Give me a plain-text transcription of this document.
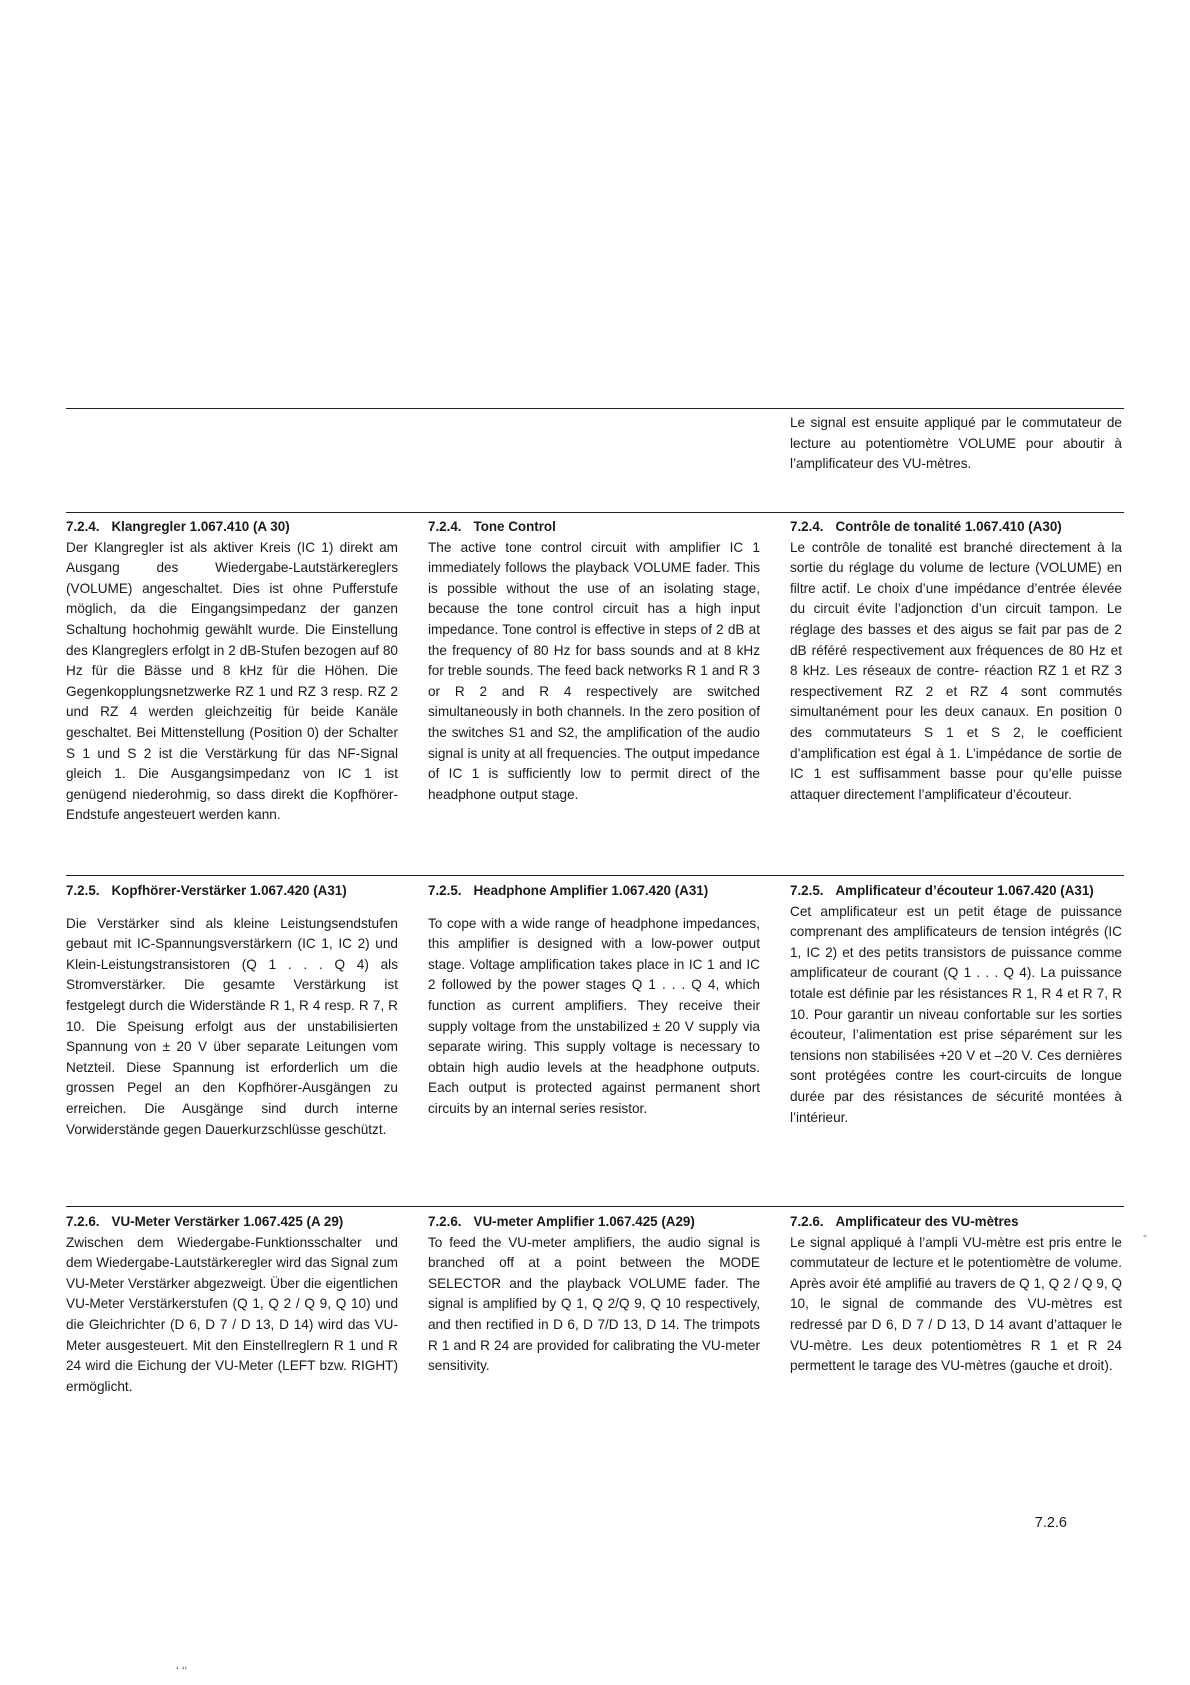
Le signal est ensuite appliqué par le commutateur de lecture au potentiomètre VOLUME pour aboutir à l’amplificateur des VU-mètres.
7.2.4. Klangregler 1.067.410 (A 30)
Der Klangregler ist als aktiver Kreis (IC 1) direkt am Ausgang des Wiedergabe-Lautstärkereglers (VOLUME) angeschaltet. Dies ist ohne Pufferstufe möglich, da die Eingangsimpedanz der ganzen Schaltung hochohmig gewählt wurde. Die Einstellung des Klangreglers erfolgt in 2 dB-Stufen bezogen auf 80 Hz für die Bässe und 8 kHz für die Höhen. Die Gegenkopplungsnetzwerke RZ 1 und RZ 3 resp. RZ 2 und RZ 4 werden gleichzeitig für beide Kanäle geschaltet. Bei Mittenstellung (Position 0) der Schalter S 1 und S 2 ist die Verstärkung für das NF-Signal gleich 1. Die Ausgangsimpedanz von IC 1 ist genügend niederohmig, so dass direkt die Kopfhörer-Endstufe angesteuert werden kann.
7.2.4. Tone Control
The active tone control circuit with amplifier IC 1 immediately follows the playback VOLUME fader. This is possible without the use of an isolating stage, because the tone control circuit has a high input impedance. Tone control is effective in steps of 2 dB at the frequency of 80 Hz for bass sounds and at 8 kHz for treble sounds. The feed back networks R 1 and R 3 or R 2 and R 4 respectively are switched simultaneously in both channels. In the zero position of the switches S1 and S2, the amplification of the audio signal is unity at all frequencies. The output impedance of IC 1 is sufficiently low to permit direct of the headphone output stage.
7.2.4. Contrôle de tonalité 1.067.410 (A30)
Le contrôle de tonalité est branché directement à la sortie du réglage du volume de lecture (VOLUME) en filtre actif. Le choix d’une impédance d’entrée élevée du circuit évite l’adjonction d’un circuit tampon. Le réglage des basses et des aigus se fait par pas de 2 dB référé respectivement aux fréquences de 80 Hz et 8 kHz. Les réseaux de contre- réaction RZ 1 et RZ 3 respectivement RZ 2 et RZ 4 sont commutés simultanément pour les deux canaux. En position 0 des commutateurs S 1 et S 2, le coefficient d’amplification est égal à 1. L’impédance de sortie de IC 1 est suffisamment basse pour qu’elle puisse attaquer directement l’amplificateur d’écouteur.
7.2.5. Kopfhörer-Verstärker 1.067.420 (A31)
Die Verstärker sind als kleine Leistungsendstufen gebaut mit IC-Spannungsverstärkern (IC 1, IC 2) und Klein-Leistungstransistoren (Q 1 . . . Q 4) als Stromverstärker. Die gesamte Verstärkung ist festgelegt durch die Widerstände R 1, R 4 resp. R 7, R 10. Die Speisung erfolgt aus der unstabilisierten Spannung von ± 20 V über separate Leitungen vom Netzteil. Diese Spannung ist erforderlich um die grossen Pegel an den Kopfhörer-Ausgängen zu erreichen. Die Ausgänge sind durch interne Vorwiderstände gegen Dauerkurzschlüsse geschützt.
7.2.5. Headphone Amplifier 1.067.420 (A31)
To cope with a wide range of headphone impedances, this amplifier is designed with a low-power output stage. Voltage amplification takes place in IC 1 and IC 2 followed by the power stages Q 1 . . . Q 4, which function as current amplifiers. They receive their supply voltage from the unstabilized ± 20 V supply via separate wiring. This supply voltage is necessary to obtain high audio levels at the headphone outputs. Each output is protected against permanent short circuits by an internal series resistor.
7.2.5. Amplificateur d’écouteur 1.067.420 (A31)
Cet amplificateur est un petit étage de puissance comprenant des amplificateurs de tension intégrés (IC 1, IC 2) et des petits transistors de puissance comme amplificateur de courant (Q 1 . . . Q 4). La puissance totale est définie par les résistances R 1, R 4 et R 7, R 10. Pour garantir un niveau confortable sur les sorties écouteur, l’alimentation est prise séparément sur les tensions non stabilisées +20 V et –20 V. Ces dernières sont protégées contre les court-circuits de longue durée par des résistances de sécurité montées à l’intérieur.
7.2.6. VU-Meter Verstärker 1.067.425 (A 29)
Zwischen dem Wiedergabe-Funktionsschalter und dem Wiedergabe-Lautstärkeregler wird das Signal zum VU-Meter Verstärker abgezweigt. Über die eigentlichen VU-Meter Verstärkerstufen (Q 1, Q 2 / Q 9, Q 10) und die Gleichrichter (D 6, D 7 / D 13, D 14) wird das VU-Meter ausgesteuert. Mit den Einstellreglern R 1 und R 24 wird die Eichung der VU-Meter (LEFT bzw. RIGHT) ermöglicht.
7.2.6. VU-meter Amplifier 1.067.425 (A29)
To feed the VU-meter amplifiers, the audio signal is branched off at a point between the MODE SELECTOR and the playback VOLUME fader. The signal is amplified by Q 1, Q 2/Q 9, Q 10 respectively, and then rectified in D 6, D 7/D 13, D 14. The trimpots R 1 and R 24 are provided for calibrating the VU-meter sensitivity.
7.2.6. Amplificateur des VU-mètres
Le signal appliqué à l’ampli VU-mètre est pris entre le commutateur de lecture et le potentiomètre de volume. Après avoir été amplifié au travers de Q 1, Q 2 / Q 9, Q 10, le signal de commande des VU-mètres est redressé par D 6, D 7 / D 13, D 14 avant d’attaquer le VU-mètre. Les deux potentiomètres R 1 et R 24 permettent le tarage des VU-mètres (gauche et droit).
7.2.6
-
‘ ‘‘
